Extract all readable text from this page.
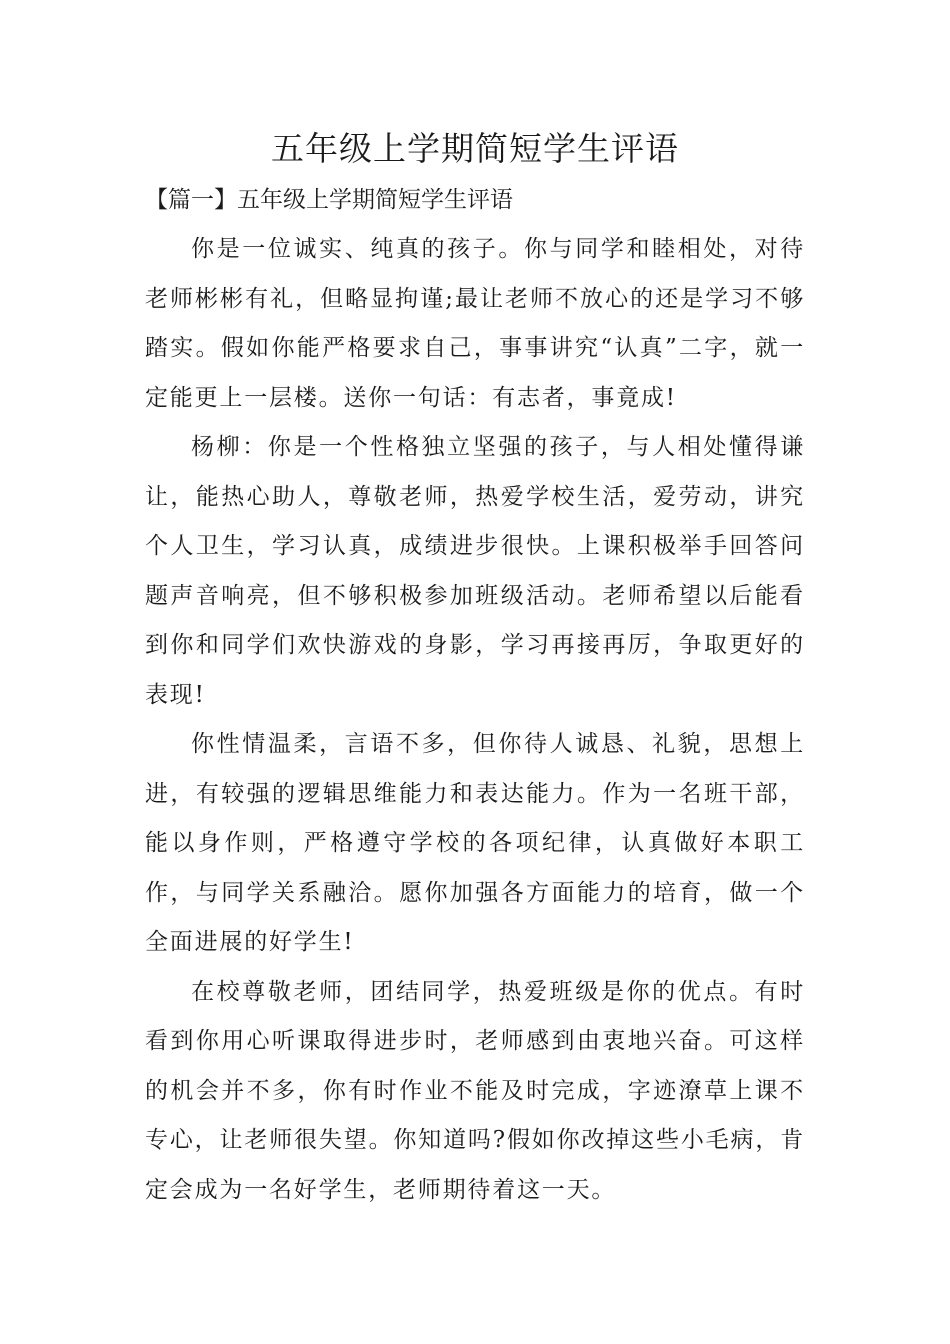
五年级上学期简短学生评语
【篇一】五年级上学期简短学生评语

你是一位诚实、纯真的孩子。你与同学和睦相处，对待老师彬彬有礼，但略显拘谨;最让老师不放心的还是学习不够踏实。假如你能严格要求自己，事事讲究“认真”二字，就一定能更上一层楼。送你一句话：有志者，事竟成!

杨柳：你是一个性格独立坚强的孩子，与人相处懂得谦让，能热心助人，尊敬老师，热爱学校生活，爱劳动，讲究个人卫生，学习认真，成绩进步很快。上课积极举手回答问题声音响亮，但不够积极参加班级活动。老师希望以后能看到你和同学们欢快游戏的身影，学习再接再厉，争取更好的表现!

你性情温柔，言语不多，但你待人诚恳、礼貌，思想上进，有较强的逻辑思维能力和表达能力。作为一名班干部，能以身作则，严格遵守学校的各项纪律，认真做好本职工作，与同学关系融洽。愿你加强各方面能力的培育，做一个全面进展的好学生!

在校尊敬老师，团结同学，热爱班级是你的优点。有时看到你用心听课取得进步时，老师感到由衷地兴奋。可这样的机会并不多，你有时作业不能及时完成，字迹潦草上课不专心，让老师很失望。你知道吗?假如你改掉这些小毛病，肯定会成为一名好学生，老师期待着这一天。
